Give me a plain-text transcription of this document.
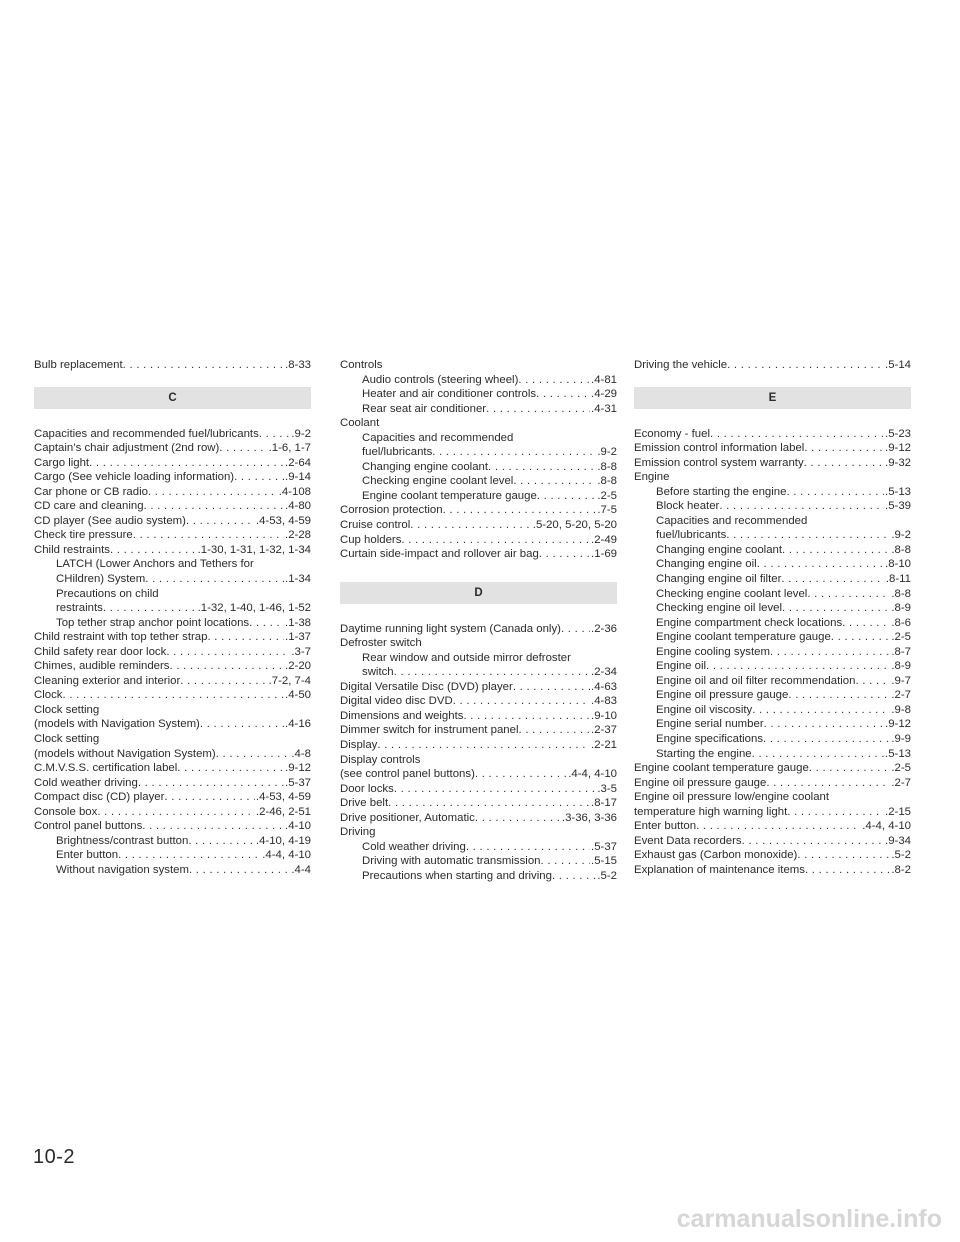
Bulb replacement . . .	.8-33
C
Capacities and recommended fuel/lubricants . . .	.9-2
Captain’s chair adjustment (2nd row) . . .	.1-6, 1-7
Cargo light . . .	.2-64
Cargo (See vehicle loading information) . . .	.9-14
Car phone or CB radio . . .	.4-108
CD care and cleaning . . .	.4-80
CD player (See audio system) . . .	.4-53, 4-59
Check tire pressure . . .	.2-28
Child restraints . . .	.1-30, 1-31, 1-32, 1-34
LATCH (Lower Anchors and Tethers for
CHildren) System . . .	.1-34
Precautions on child
restraints . . .	.1-32, 1-40, 1-46, 1-52
Top tether strap anchor point locations . . .	.1-38
Child restraint with top tether strap . . .	.1-37
Child safety rear door lock . . .	.3-7
Chimes, audible reminders . . .	.2-20
Cleaning exterior and interior . . .	.7-2, 7-4
Clock . . .	.4-50
Clock setting
(models with Navigation System) . . .	.4-16
Clock setting
(models without Navigation System) . . .	.4-8
C.M.V.S.S. certification label . . .	.9-12
Cold weather driving . . .	.5-37
Compact disc (CD) player . . .	.4-53, 4-59
Console box . . .	.2-46, 2-51
Control panel buttons . . .	.4-10
Brightness/contrast button . . .	.4-10, 4-19
Enter button . . .	.4-4, 4-10
Without navigation system . . .	.4-4
Controls
Audio controls (steering wheel) . . .	.4-81
Heater and air conditioner controls . . .	.4-29
Rear seat air conditioner . . .	.4-31
Coolant
Capacities and recommended
fuel/lubricants . . .	.9-2
Changing engine coolant . . .	.8-8
Checking engine coolant level . . .	.8-8
Engine coolant temperature gauge . . .	.2-5
Corrosion protection . . .	.7-5
Cruise control . . .	.5-20, 5-20, 5-20
Cup holders . . .	.2-49
Curtain side-impact and rollover air bag . . .	.1-69
D
Daytime running light system (Canada only) . . .	.2-36
Defroster switch
Rear window and outside mirror defroster
switch . . .	.2-34
Digital Versatile Disc (DVD) player . . .	.4-63
Digital video disc DVD . . .	.4-83
Dimensions and weights . . .	.9-10
Dimmer switch for instrument panel . . .	.2-37
Display . . .	.2-21
Display controls
(see control panel buttons) . . .	.4-4, 4-10
Door locks . . .	.3-5
Drive belt . . .	.8-17
Drive positioner, Automatic . . .	.3-36, 3-36
Driving
Cold weather driving . . .	.5-37
Driving with automatic transmission . . .	.5-15
Precautions when starting and driving . . .	.5-2
Driving the vehicle . . .	.5-14
E
Economy - fuel . . .	.5-23
Emission control information label . . .	.9-12
Emission control system warranty . . .	.9-32
Engine
Before starting the engine . . .	.5-13
Block heater . . .	.5-39
Capacities and recommended
fuel/lubricants . . .	.9-2
Changing engine coolant . . .	.8-8
Changing engine oil . . .	.8-10
Changing engine oil filter . . .	.8-11
Checking engine coolant level . . .	.8-8
Checking engine oil level . . .	.8-9
Engine compartment check locations . . .	.8-6
Engine coolant temperature gauge . . .	.2-5
Engine cooling system . . .	.8-7
Engine oil . . .	.8-9
Engine oil and oil filter recommendation . . .	.9-7
Engine oil pressure gauge . . .	.2-7
Engine oil viscosity . . .	.9-8
Engine serial number . . .	.9-12
Engine specifications . . .	.9-9
Starting the engine . . .	.5-13
Engine coolant temperature gauge . . .	.2-5
Engine oil pressure gauge . . .	.2-7
Engine oil pressure low/engine coolant
temperature high warning light . . .	.2-15
Enter button . . .	.4-4, 4-10
Event Data recorders . . .	.9-34
Exhaust gas (Carbon monoxide) . . .	.5-2
Explanation of maintenance items . . .	.8-2
10-2
carmanualsonline.info
